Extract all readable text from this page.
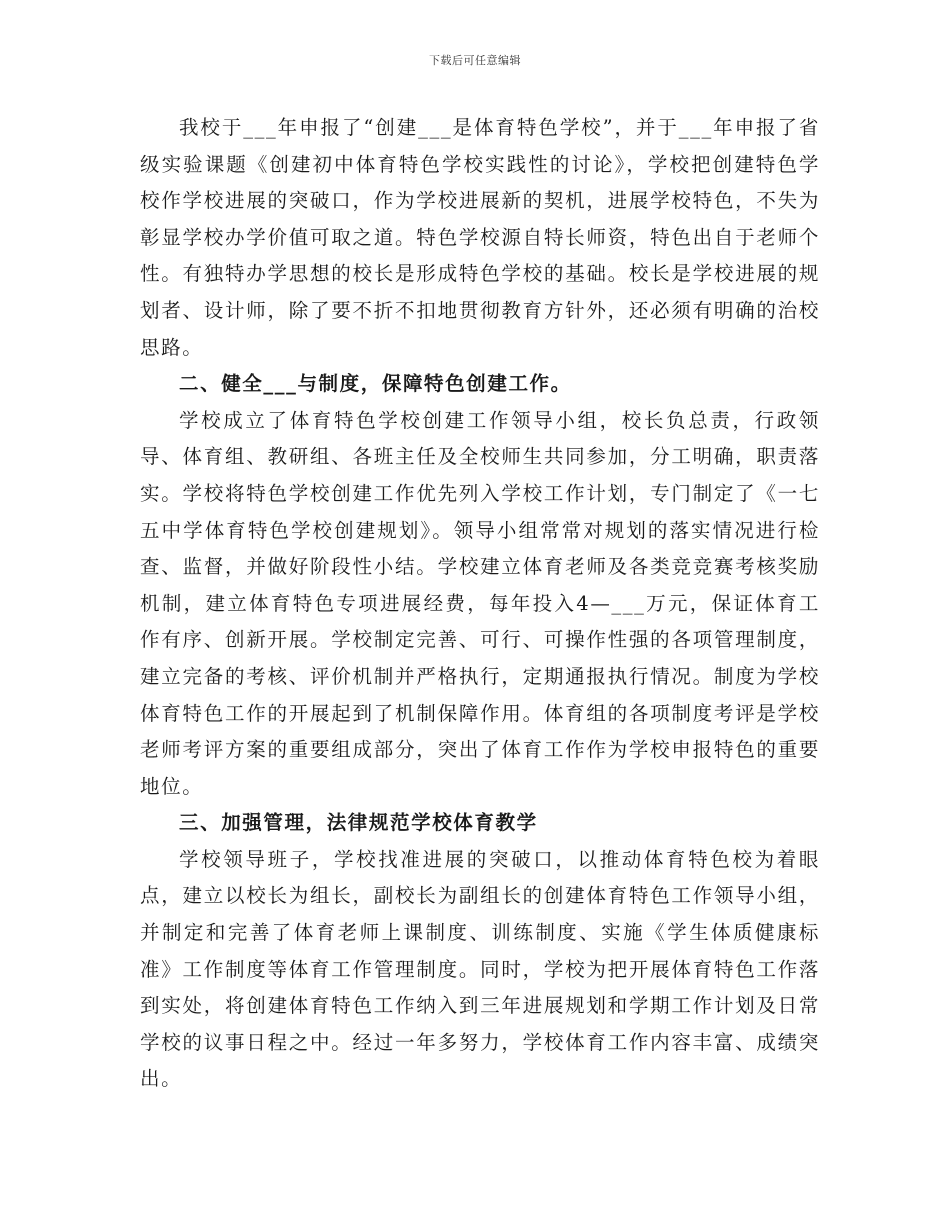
下载后可任意编辑

我校于___年申报了“创建___是体育特色学校”，并于___年申报了省级实验课题《创建初中体育特色学校实践性的讨论》，学校把创建特色学校作学校进展的突破口，作为学校进展新的契机，进展学校特色，不失为彰显学校办学价值可取之道。特色学校源自特长师资，特色出自于老师个性。有独特办学思想的校长是形成特色学校的基础。校长是学校进展的规划者、设计师，除了要不折不扣地贯彻教育方针外，还必须有明确的治校思路。

二、健全___与制度，保障特色创建工作。

学校成立了体育特色学校创建工作领导小组，校长负总责，行政领导、体育组、教研组、各班主任及全校师生共同参加，分工明确，职责落实。学校将特色学校创建工作优先列入学校工作计划，专门制定了《一七五中学体育特色学校创建规划》。领导小组常常对规划的落实情况进行检查、监督，并做好阶段性小结。学校建立体育老师及各类竞竞赛考核奖励机制，建立体育特色专项进展经费，每年投入4—___万元，保证体育工作有序、创新开展。学校制定完善、可行、可操作性强的各项管理制度，建立完备的考核、评价机制并严格执行，定期通报执行情况。制度为学校体育特色工作的开展起到了机制保障作用。体育组的各项制度考评是学校老师考评方案的重要组成部分，突出了体育工作作为学校申报特色的重要地位。

三、加强管理，法律规范学校体育教学

学校领导班子，学校找准进展的突破口，以推动体育特色校为着眼点，建立以校长为组长，副校长为副组长的创建体育特色工作领导小组，并制定和完善了体育老师上课制度、训练制度、实施《学生体质健康标准》工作制度等体育工作管理制度。同时，学校为把开展体育特色工作落到实处，将创建体育特色工作纳入到三年进展规划和学期工作计划及日常学校的议事日程之中。经过一年多努力，学校体育工作内容丰富、成绩突出。
